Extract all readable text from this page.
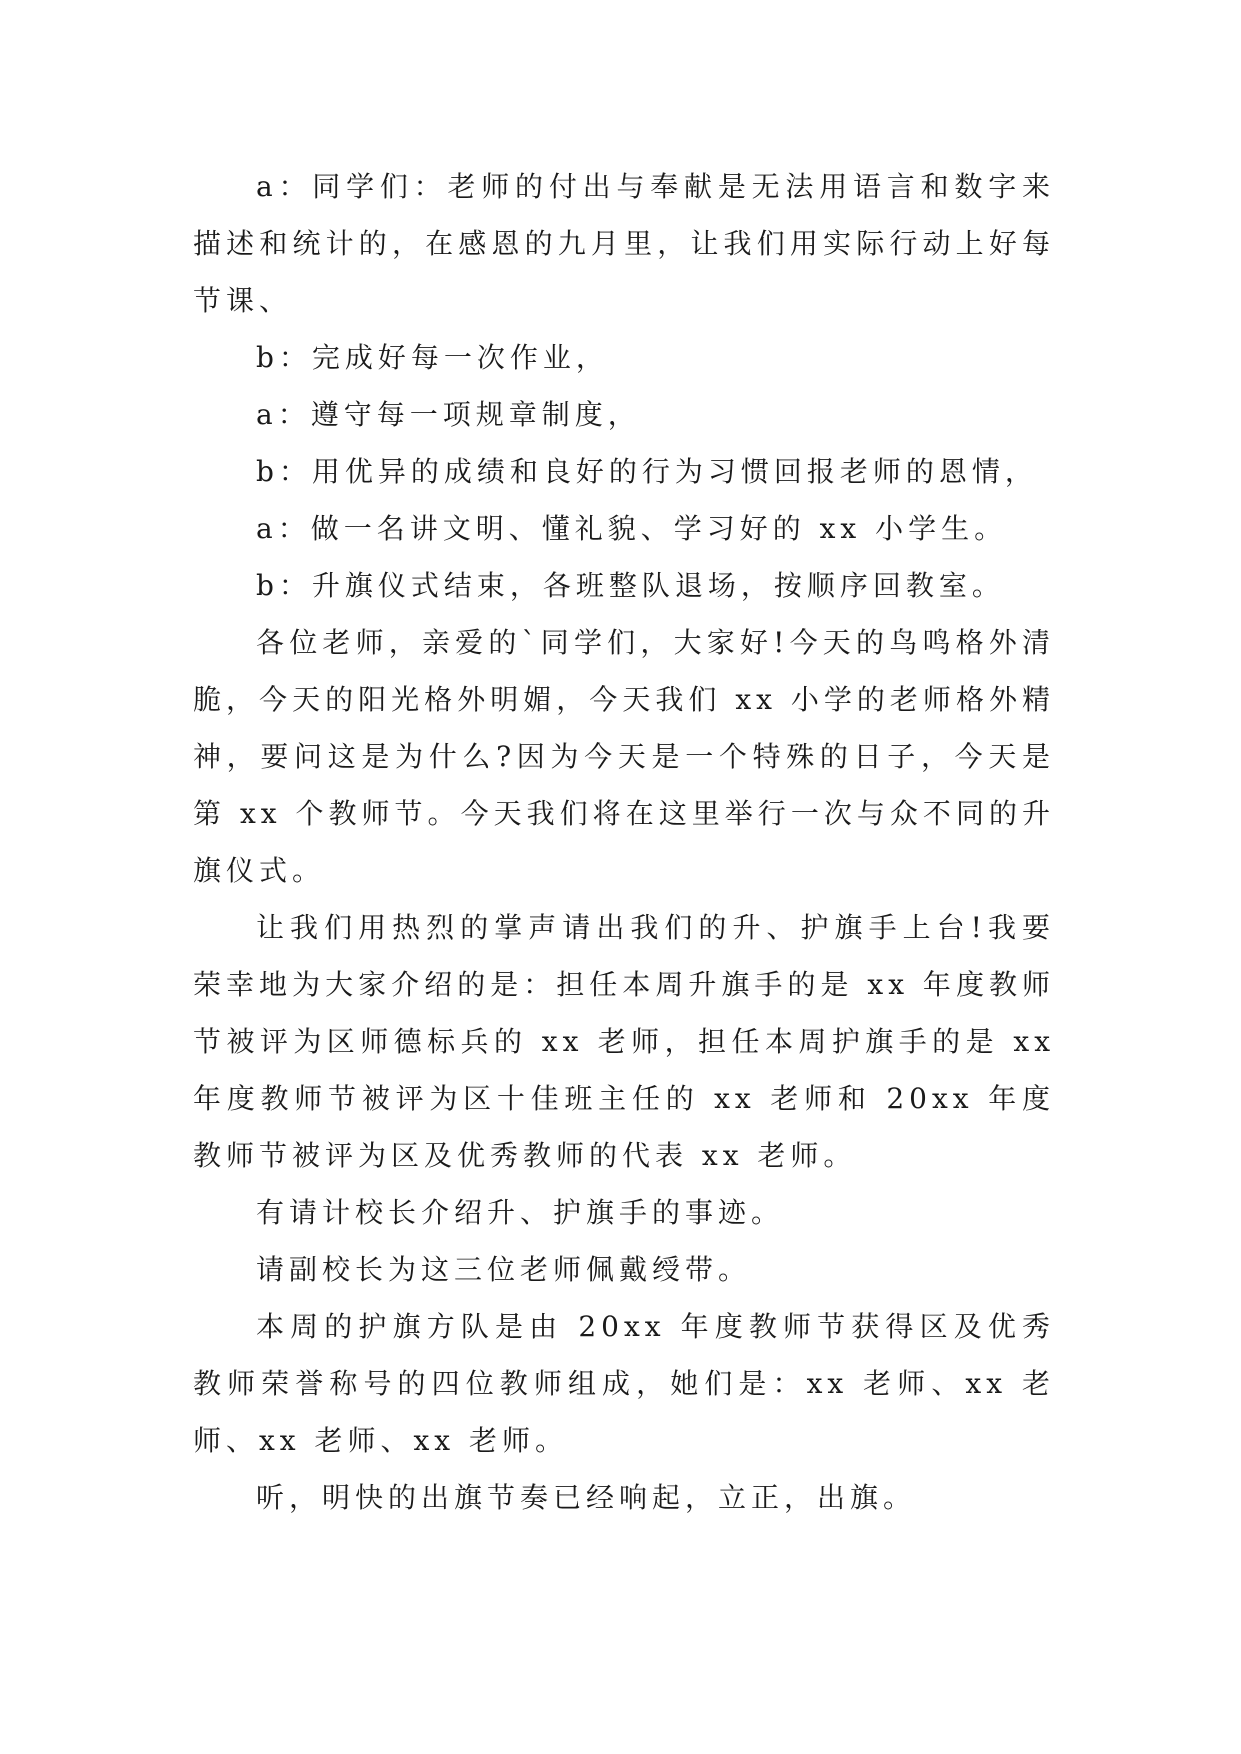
a：同学们：老师的付出与奉献是无法用语言和数字来描述和统计的，在感恩的九月里，让我们用实际行动上好每节课、

b：完成好每一次作业，

a：遵守每一项规章制度，

b：用优异的成绩和良好的行为习惯回报老师的恩情，

a：做一名讲文明、懂礼貌、学习好的 xx 小学生。

b：升旗仪式结束，各班整队退场，按顺序回教室。

各位老师，亲爱的`同学们，大家好!今天的鸟鸣格外清脆，今天的阳光格外明媚，今天我们 xx 小学的老师格外精神，要问这是为什么?因为今天是一个特殊的日子，今天是第 xx 个教师节。今天我们将在这里举行一次与众不同的升旗仪式。

让我们用热烈的掌声请出我们的升、护旗手上台!我要荣幸地为大家介绍的是：担任本周升旗手的是 xx 年度教师节被评为区师德标兵的 xx 老师，担任本周护旗手的是 xx 年度教师节被评为区十佳班主任的 xx 老师和 20xx 年度教师节被评为区及优秀教师的代表 xx 老师。

有请计校长介绍升、护旗手的事迹。

请副校长为这三位老师佩戴绶带。

本周的护旗方队是由 20xx 年度教师节获得区及优秀教师荣誉称号的四位教师组成，她们是：xx 老师、xx 老师、xx 老师、xx 老师。

听，明快的出旗节奏已经响起，立正，出旗。
